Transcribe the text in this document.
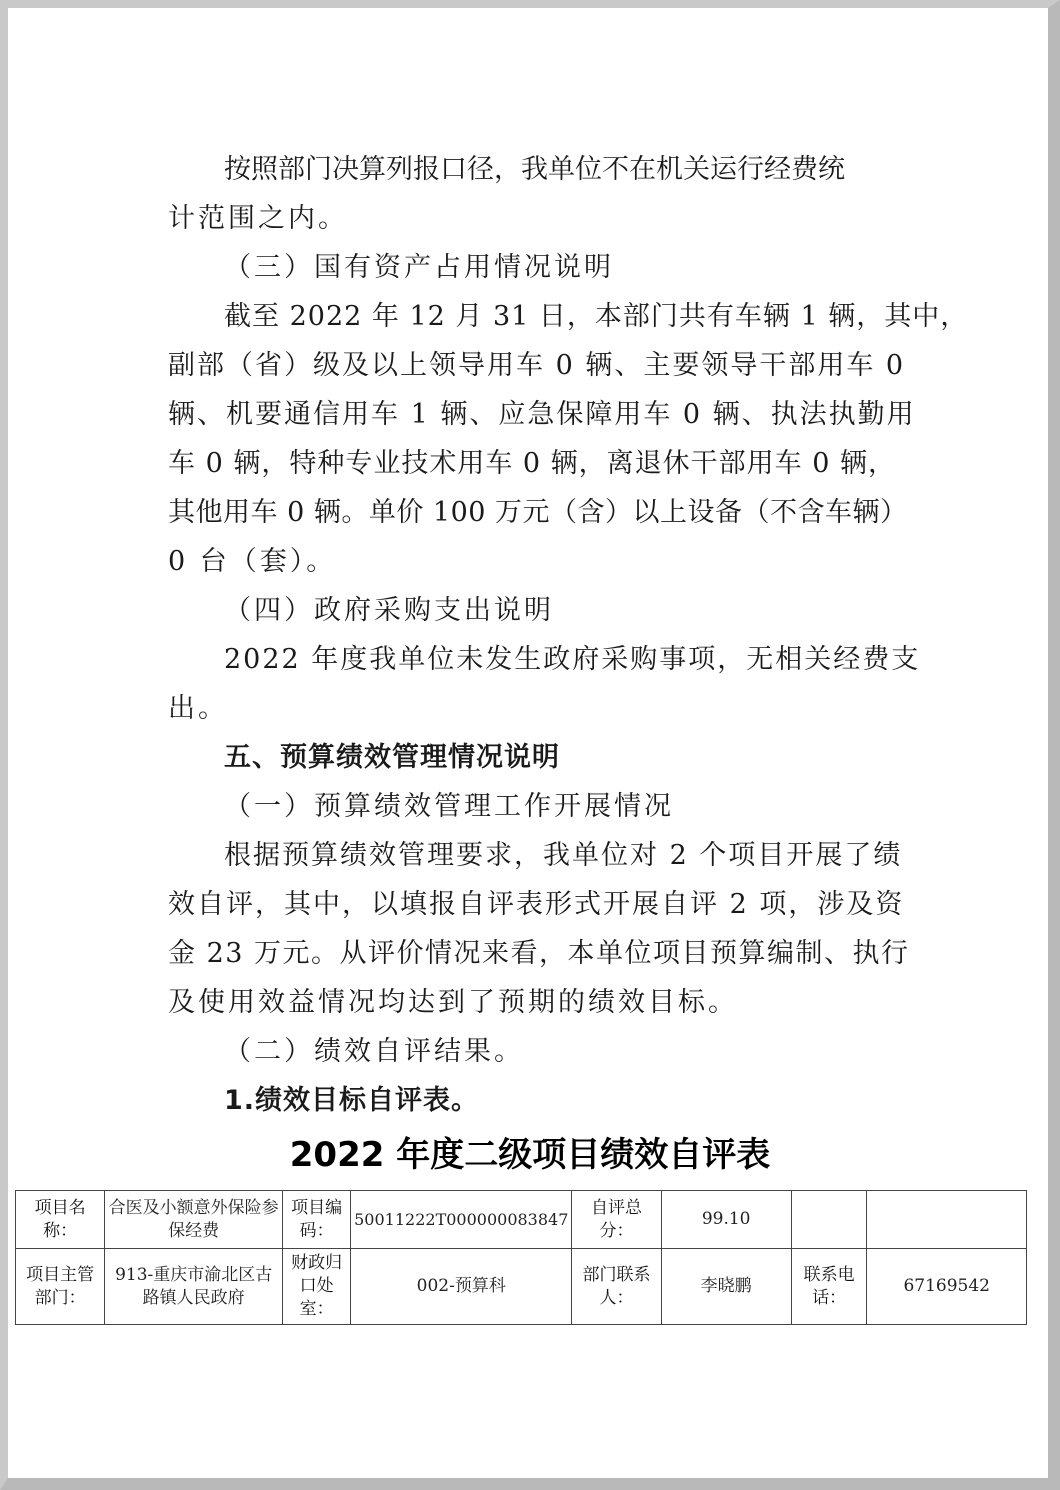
按照部门决算列报口径，我单位不在机关运行经费统
计范围之内。
（三）国有资产占用情况说明
截至 2022 年 12 月 31 日，本部门共有车辆 1 辆，其中，
副部（省）级及以上领导用车 0 辆、主要领导干部用车 0
辆、机要通信用车 1 辆、应急保障用车 0 辆、执法执勤用
车 0 辆，特种专业技术用车 0 辆，离退休干部用车 0 辆，
其他用车 0 辆。单价 100 万元（含）以上设备（不含车辆）
0 台（套）。
（四）政府采购支出说明
2022 年度我单位未发生政府采购事项，无相关经费支
出。
五、预算绩效管理情况说明
（一）预算绩效管理工作开展情况
根据预算绩效管理要求，我单位对 2 个项目开展了绩
效自评，其中，以填报自评表形式开展自评 2 项，涉及资
金 23 万元。从评价情况来看，本单位项目预算编制、执行
及使用效益情况均达到了预期的绩效目标。
（二）绩效自评结果。
1.绩效目标自评表。
2022 年度二级项目绩效自评表
项目名称：	合医及小额意外保险参保经费	项目编码：	50011222T000000083847	自评总分：	99.10		
项目主管部门：	913-重庆市渝北区古路镇人民政府	财政归口处室：	002-预算科	部门联系人：	李晓鹏	联系电话：	67169542
